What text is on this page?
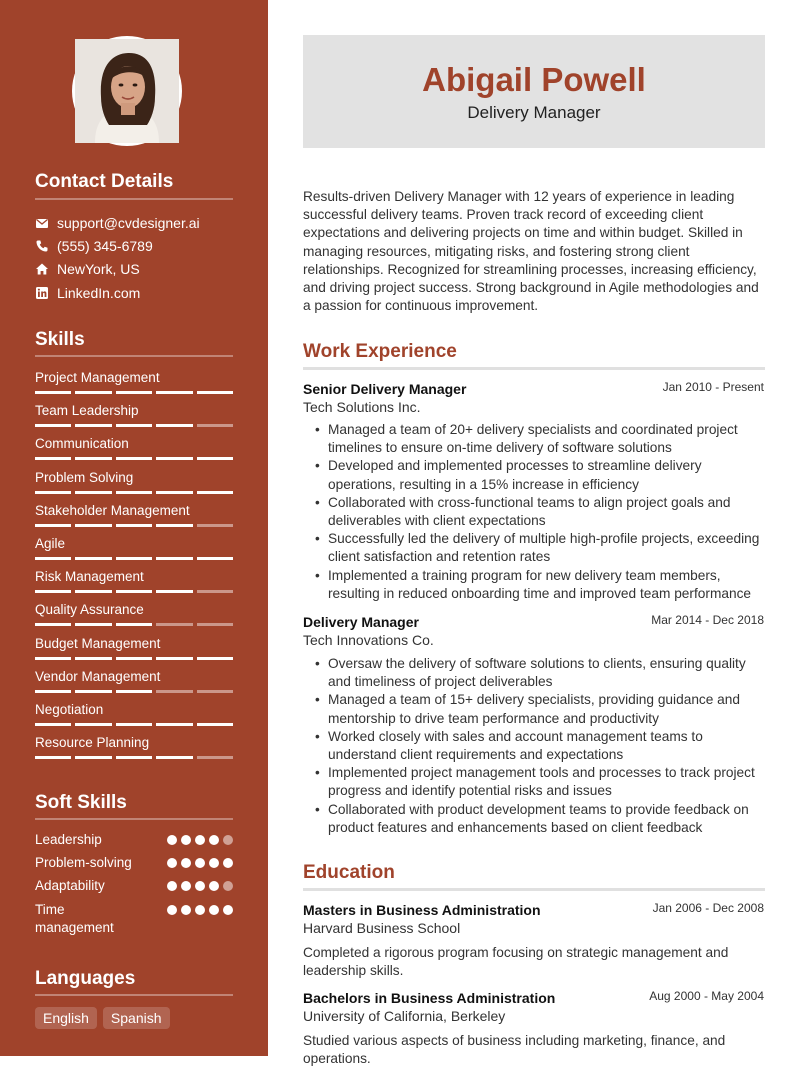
Contact Details
support@cvdesigner.ai
(555) 345-6789
NewYork, US
LinkedIn.com
Skills
Project Management
Team Leadership
Communication
Problem Solving
Stakeholder Management
Agile
Risk Management
Quality Assurance
Budget Management
Vendor Management
Negotiation
Resource Planning
Soft Skills
Leadership
Problem-solving
Adaptability
Time management
Languages
English	Spanish
Abigail Powell
Delivery Manager
Results-driven Delivery Manager with 12 years of experience in leading successful delivery teams. Proven track record of exceeding client expectations and delivering projects on time and within budget. Skilled in managing resources, mitigating risks, and fostering strong client relationships. Recognized for streamlining processes, increasing efficiency, and driving project success. Strong background in Agile methodologies and a passion for continuous improvement.
Work Experience
Senior Delivery Manager	Jan 2010 - Present
Tech Solutions Inc.
• Managed a team of 20+ delivery specialists and coordinated project timelines to ensure on-time delivery of software solutions
• Developed and implemented processes to streamline delivery operations, resulting in a 15% increase in efficiency
• Collaborated with cross-functional teams to align project goals and deliverables with client expectations
• Successfully led the delivery of multiple high-profile projects, exceeding client satisfaction and retention rates
• Implemented a training program for new delivery team members, resulting in reduced onboarding time and improved team performance
Delivery Manager	Mar 2014 - Dec 2018
Tech Innovations Co.
• Oversaw the delivery of software solutions to clients, ensuring quality and timeliness of project deliverables
• Managed a team of 15+ delivery specialists, providing guidance and mentorship to drive team performance and productivity
• Worked closely with sales and account management teams to understand client requirements and expectations
• Implemented project management tools and processes to track project progress and identify potential risks and issues
• Collaborated with product development teams to provide feedback on product features and enhancements based on client feedback
Education
Masters in Business Administration	Jan 2006 - Dec 2008
Harvard Business School
Completed a rigorous program focusing on strategic management and leadership skills.
Bachelors in Business Administration	Aug 2000 - May 2004
University of California, Berkeley
Studied various aspects of business including marketing, finance, and operations.
